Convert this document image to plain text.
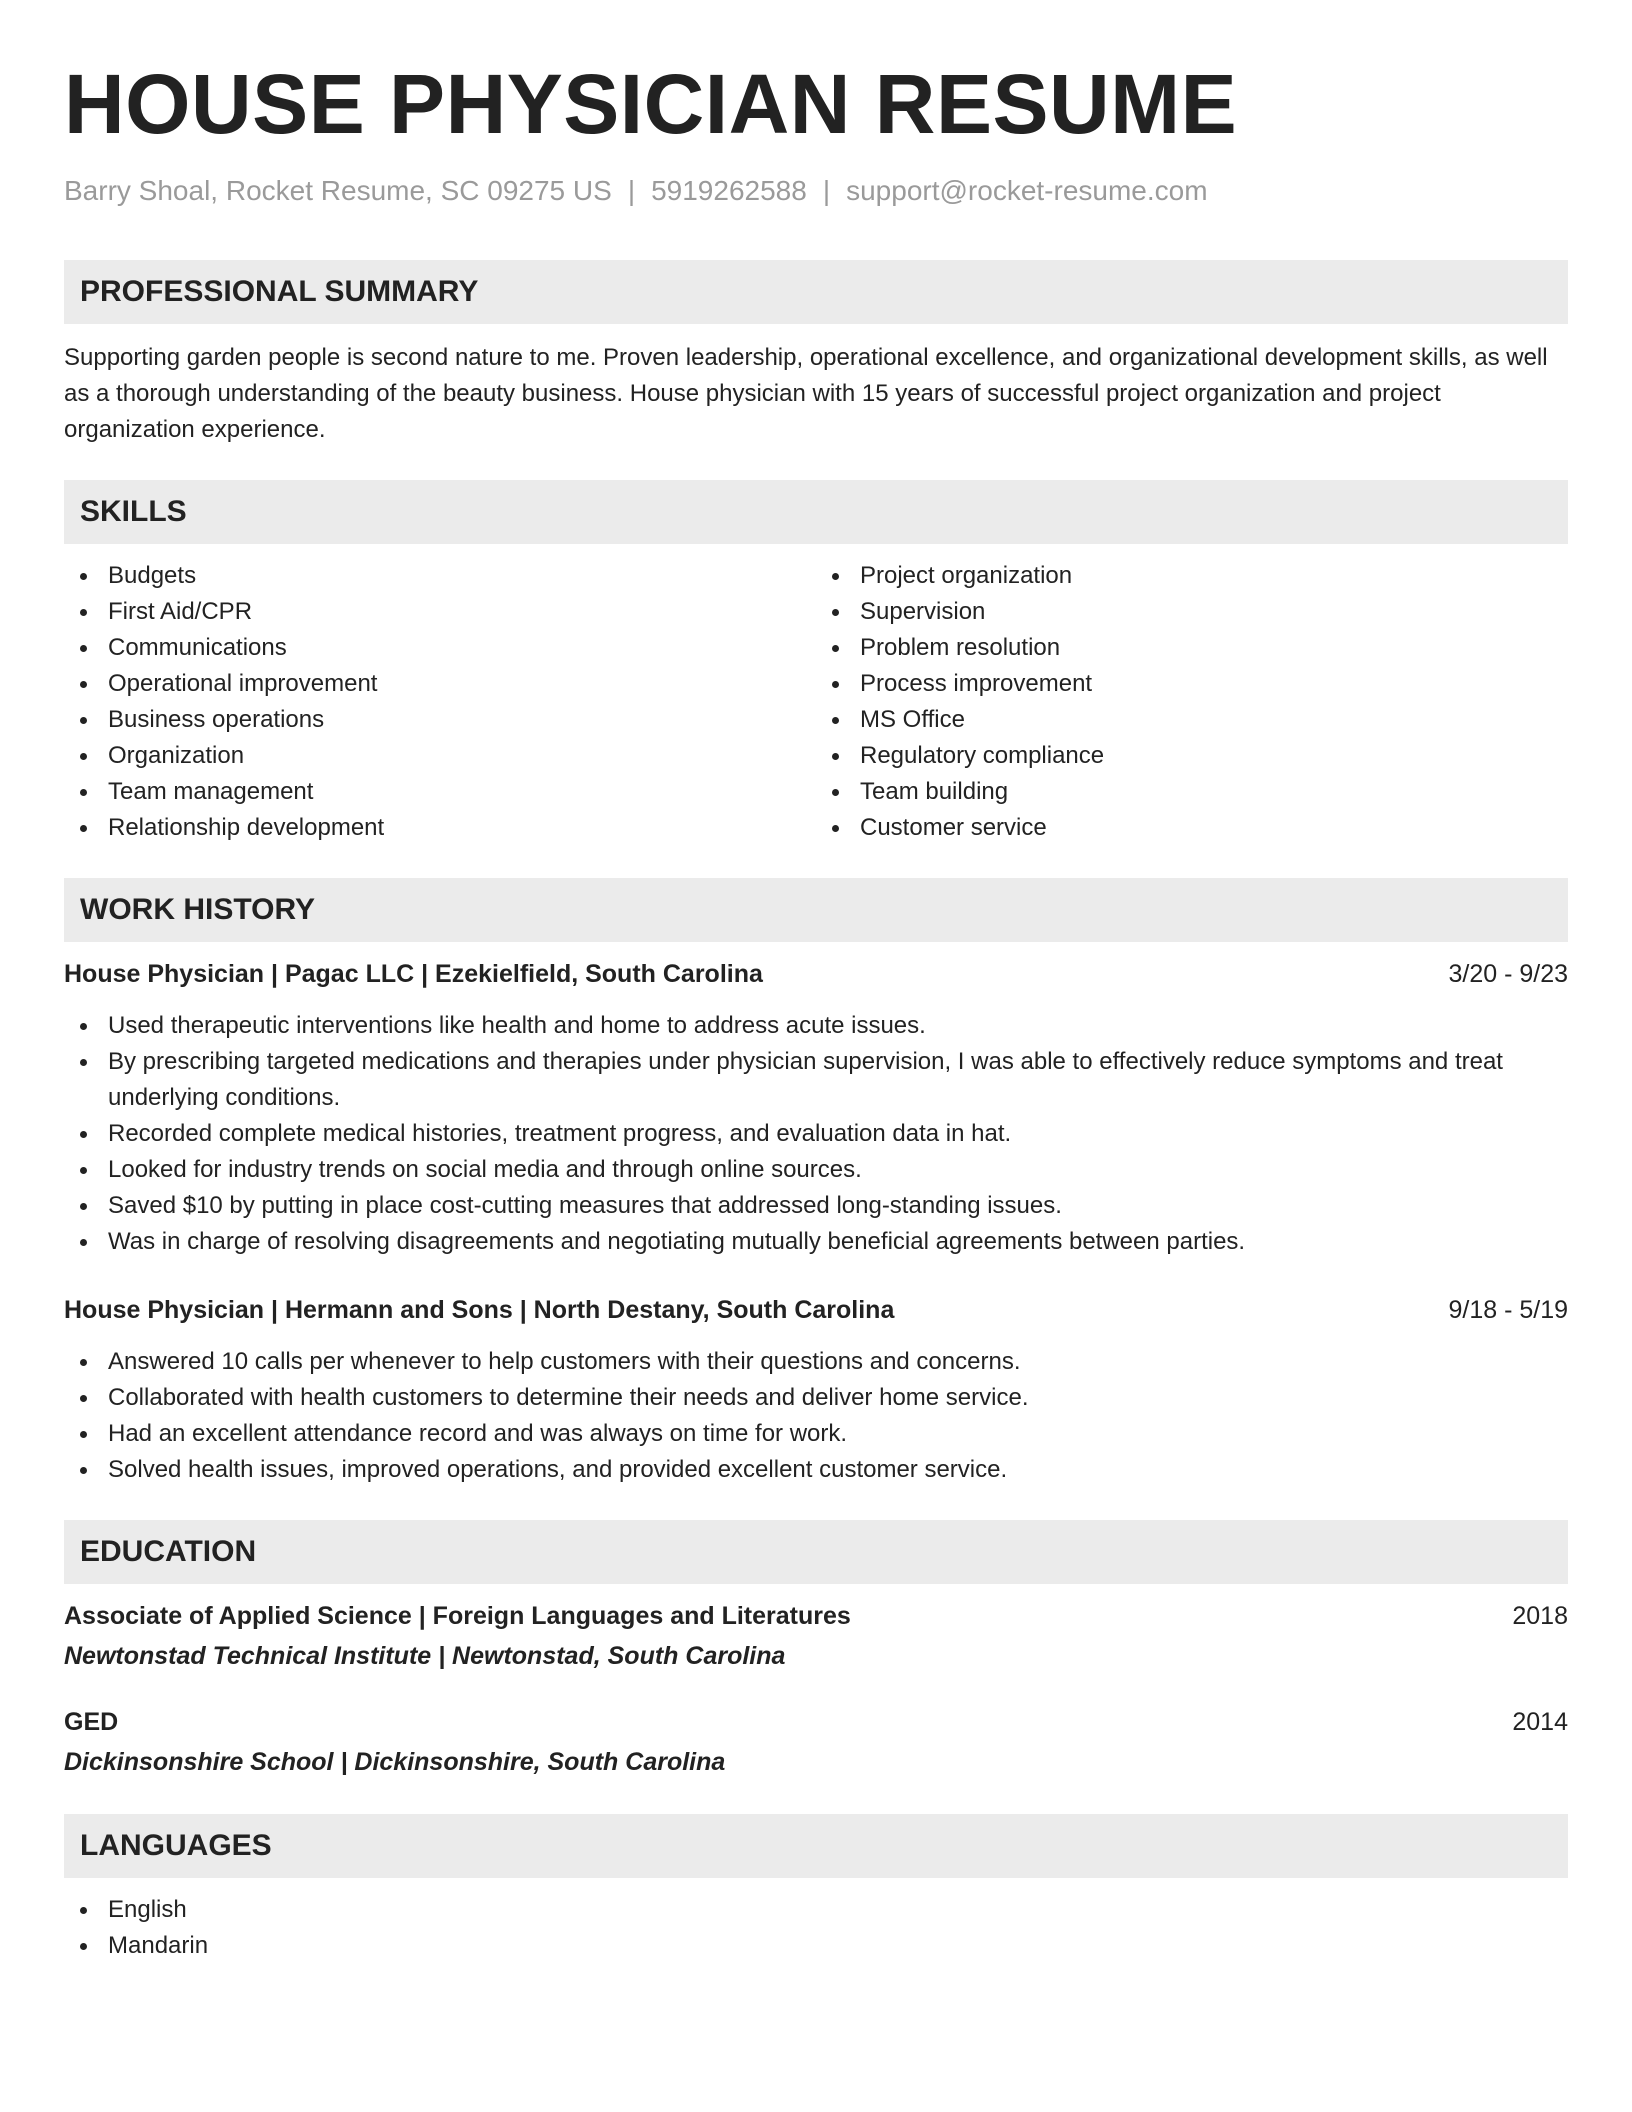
HOUSE PHYSICIAN RESUME
Barry Shoal, Rocket Resume, SC 09275 US | 5919262588 | support@rocket-resume.com
PROFESSIONAL SUMMARY

Supporting garden people is second nature to me. Proven leadership, operational excellence, and organizational development skills, as well as a thorough understanding of the beauty business. House physician with 15 years of successful project organization and project organization experience.

SKILLS
Budgets
First Aid/CPR
Communications
Operational improvement
Business operations
Organization
Team management
Relationship development
Project organization
Supervision
Problem resolution
Process improvement
MS Office
Regulatory compliance
Team building
Customer service
WORK HISTORY
House Physician | Pagac LLC | Ezekielfield, South Carolina	3/20 - 9/23
Used therapeutic interventions like health and home to address acute issues.
By prescribing targeted medications and therapies under physician supervision, I was able to effectively reduce symptoms and treat underlying conditions.
Recorded complete medical histories, treatment progress, and evaluation data in hat.
Looked for industry trends on social media and through online sources.
Saved $10 by putting in place cost-cutting measures that addressed long-standing issues.
Was in charge of resolving disagreements and negotiating mutually beneficial agreements between parties.
House Physician | Hermann and Sons | North Destany, South Carolina	9/18 - 5/19
Answered 10 calls per whenever to help customers with their questions and concerns.
Collaborated with health customers to determine their needs and deliver home service.
Had an excellent attendance record and was always on time for work.
Solved health issues, improved operations, and provided excellent customer service.
EDUCATION
Associate of Applied Science | Foreign Languages and Literatures	2018
Newtonstad Technical Institute | Newtonstad, South Carolina
GED	2014
Dickinsonshire School | Dickinsonshire, South Carolina
LANGUAGES
English
Mandarin
